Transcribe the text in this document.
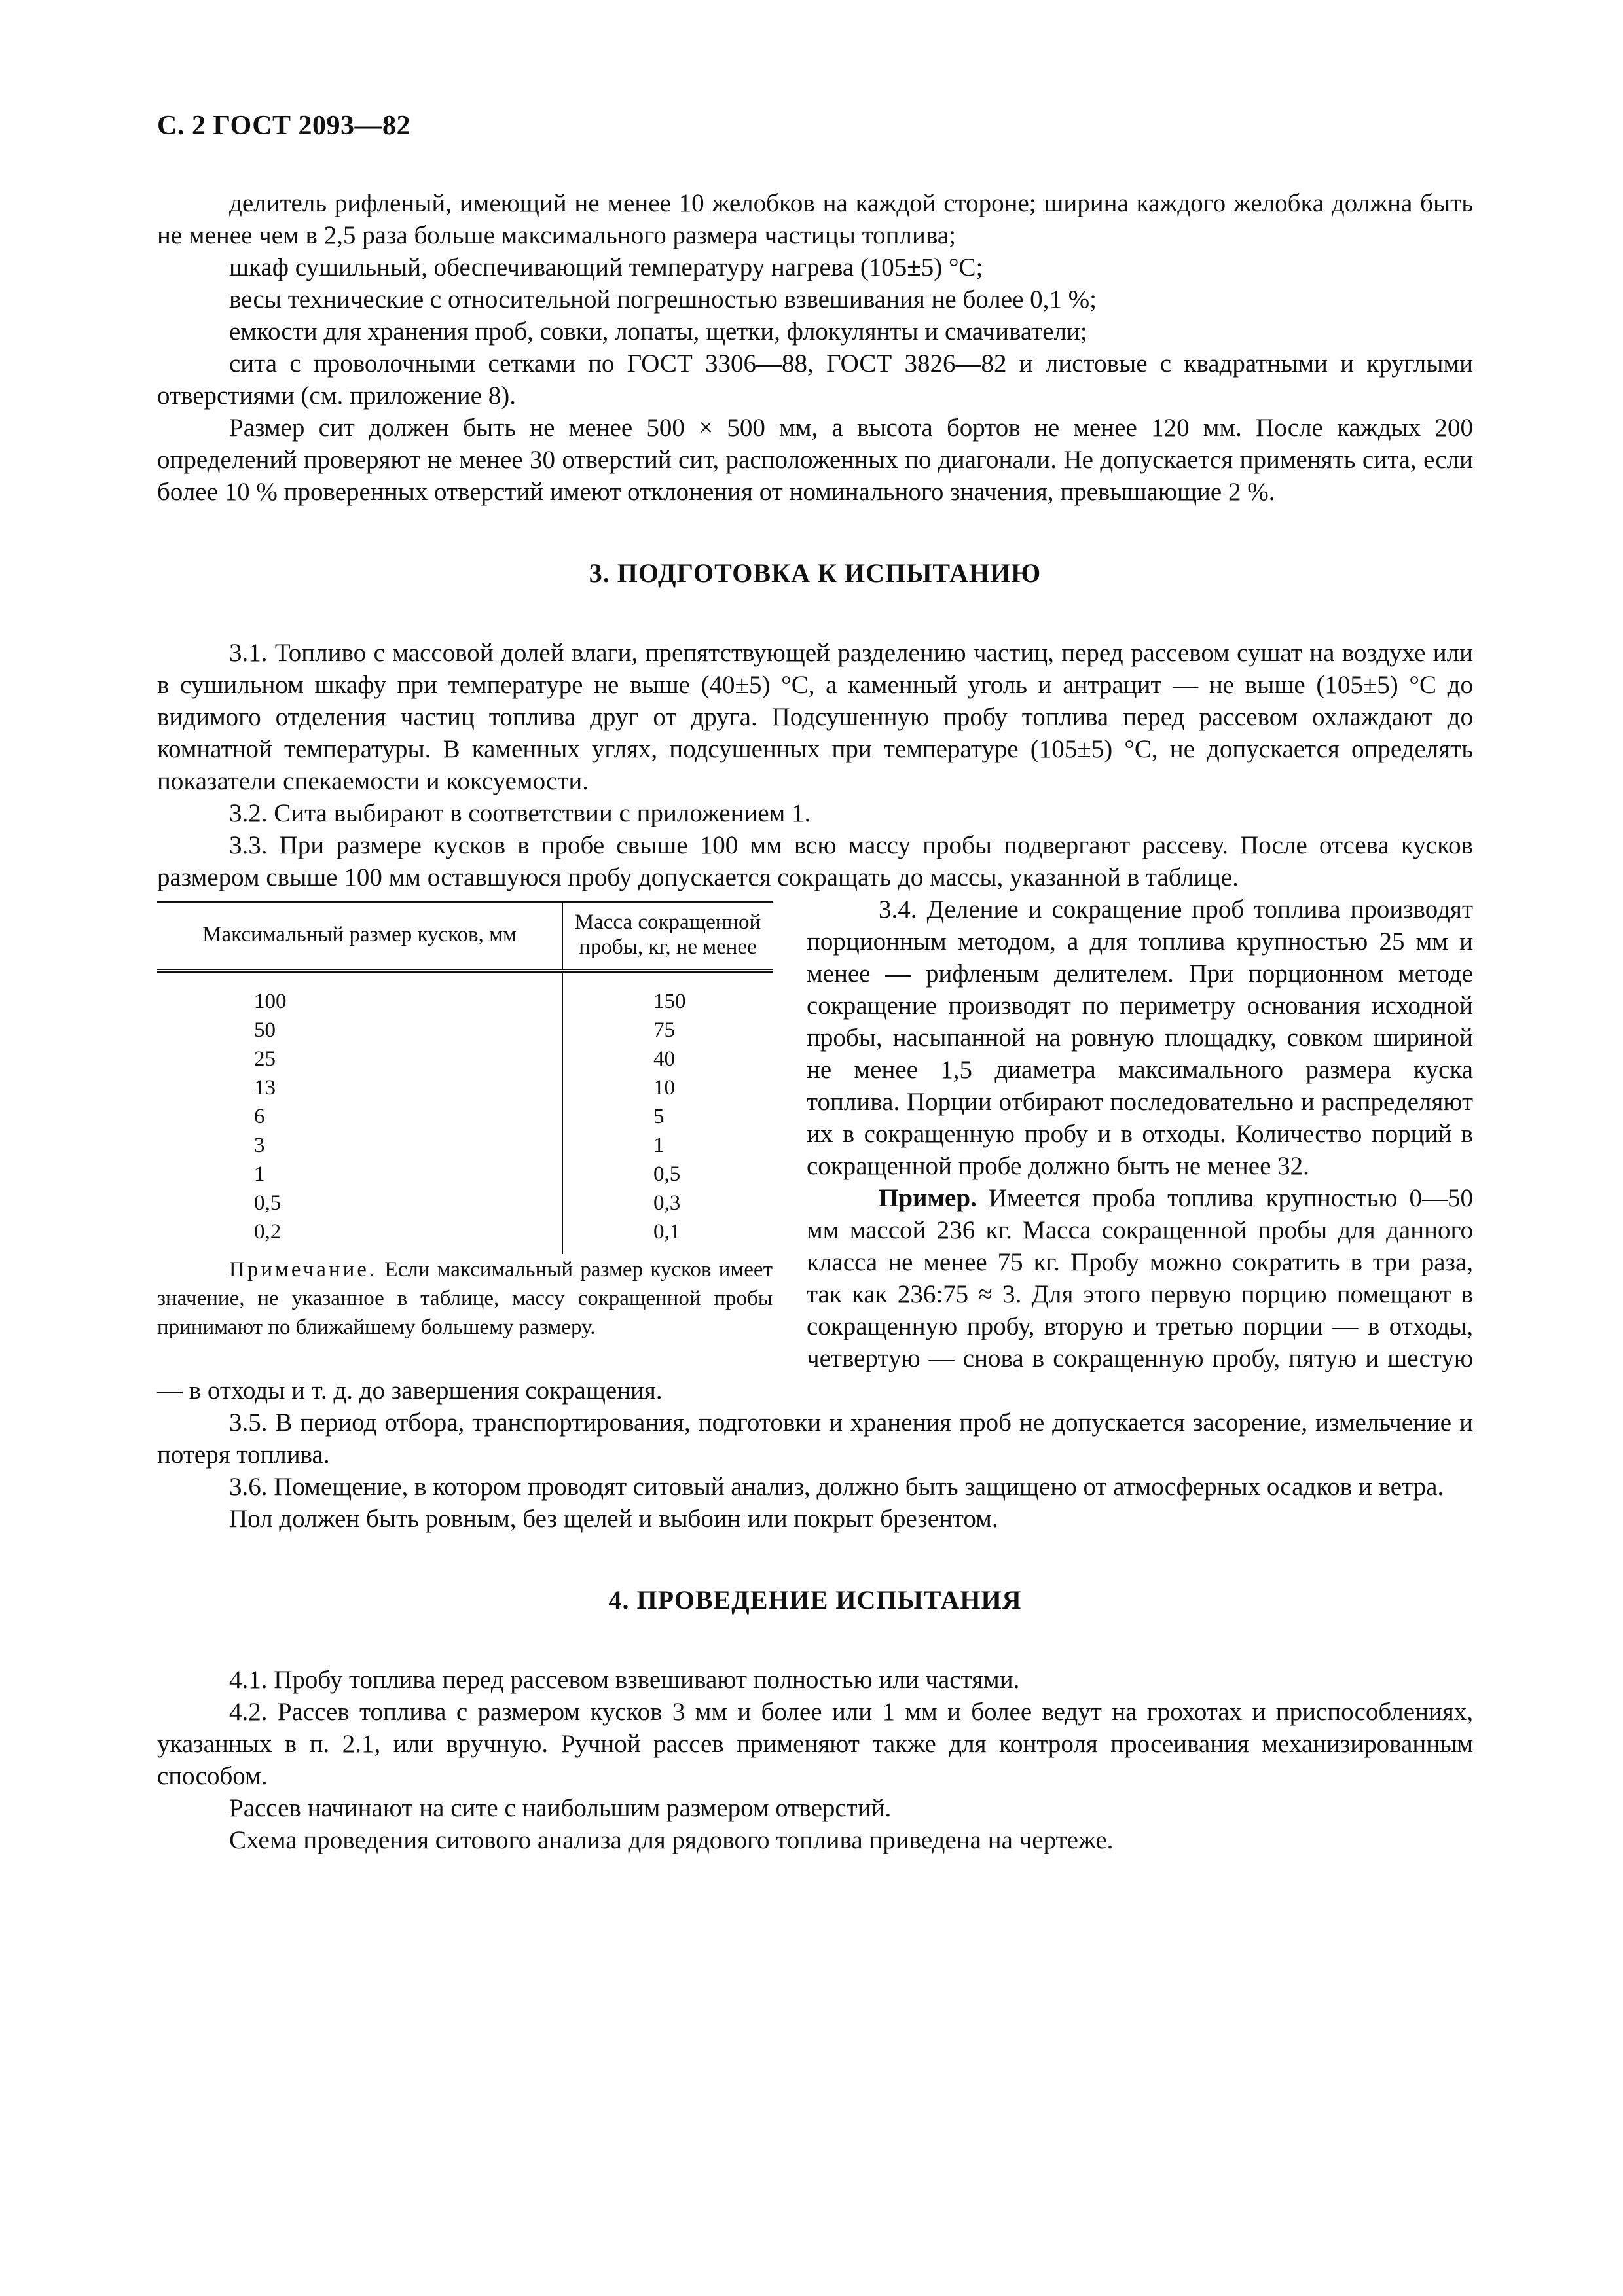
С. 2 ГОСТ 2093—82

делитель рифленый, имеющий не менее 10 желобков на каждой стороне; ширина каждого желобка должна быть не менее чем в 2,5 раза больше максимального размера частицы топлива;

шкаф сушильный, обеспечивающий температуру нагрева (105±5) °С;

весы технические с относительной погрешностью взвешивания не более 0,1 %;

емкости для хранения проб, совки, лопаты, щетки, флокулянты и смачиватели;

сита с проволочными сетками по ГОСТ 3306—88, ГОСТ 3826—82 и листовые с квадратными и круглыми отверстиями (см. приложение 8).

Размер сит должен быть не менее 500 × 500 мм, а высота бортов не менее 120 мм. После каждых 200 определений проверяют не менее 30 отверстий сит, расположенных по диагонали. Не допускается применять сита, если более 10 % проверенных отверстий имеют отклонения от номинального значения, превышающие 2 %.

3. ПОДГОТОВКА К ИСПЫТАНИЮ

3.1. Топливо с массовой долей влаги, препятствующей разделению частиц, перед рассевом сушат на воздухе или в сушильном шкафу при температуре не выше (40±5) °С, а каменный уголь и антрацит — не выше (105±5) °С до видимого отделения частиц топлива друг от друга. Подсушенную пробу топлива перед рассевом охлаждают до комнатной температуры. В каменных углях, подсушенных при температуре (105±5) °С, не допускается определять показатели спекаемости и коксуемости.

3.2. Сита выбирают в соответствии с приложением 1.

3.3. При размере кусков в пробе свыше 100 мм всю массу пробы подвергают рассеву. После отсева кусков размером свыше 100 мм оставшуюся пробу допускается сокращать до массы, указанной в таблице.

Максимальный размер кусков, мм	Масса сокращенной пробы, кг, не менее
100	150
50	75
25	40
13	10
6	5
3	1
1	0,5
0,5	0,3
0,2	0,1
Примечание. Если максимальный размер кусков имеет значение, не указанное в таблице, массу сокращенной пробы принимают по ближайшему большему размеру.

3.4. Деление и сокращение проб топлива производят порционным методом, а для топлива крупностью 25 мм и менее — рифленым делителем. При порционном методе сокращение производят по периметру основания исходной пробы, насыпанной на ровную площадку, совком шириной не менее 1,5 диаметра максимального размера куска топлива. Порции отбирают последовательно и распределяют их в сокращенную пробу и в отходы. Количество порций в сокращенной пробе должно быть не менее 32.

Пример. Имеется проба топлива крупностью 0—50 мм массой 236 кг. Масса сокращенной пробы для данного класса не менее 75 кг. Пробу можно сократить в три раза, так как 236:75 ≈ 3. Для этого первую порцию помещают в сокращенную пробу, вторую и третью порции — в отходы, четвертую — снова в сокращенную пробу, пятую и шестую — в отходы и т. д. до завершения сокращения.

3.5. В период отбора, транспортирования, подготовки и хранения проб не допускается засорение, измельчение и потеря топлива.

3.6. Помещение, в котором проводят ситовый анализ, должно быть защищено от атмосферных осадков и ветра.

Пол должен быть ровным, без щелей и выбоин или покрыт брезентом.

4. ПРОВЕДЕНИЕ ИСПЫТАНИЯ

4.1. Пробу топлива перед рассевом взвешивают полностью или частями.

4.2. Рассев топлива с размером кусков 3 мм и более или 1 мм и более ведут на грохотах и приспособлениях, указанных в п. 2.1, или вручную. Ручной рассев применяют также для контроля просеивания механизированным способом.

Рассев начинают на сите с наибольшим размером отверстий.

Схема проведения ситового анализа для рядового топлива приведена на чертеже.
